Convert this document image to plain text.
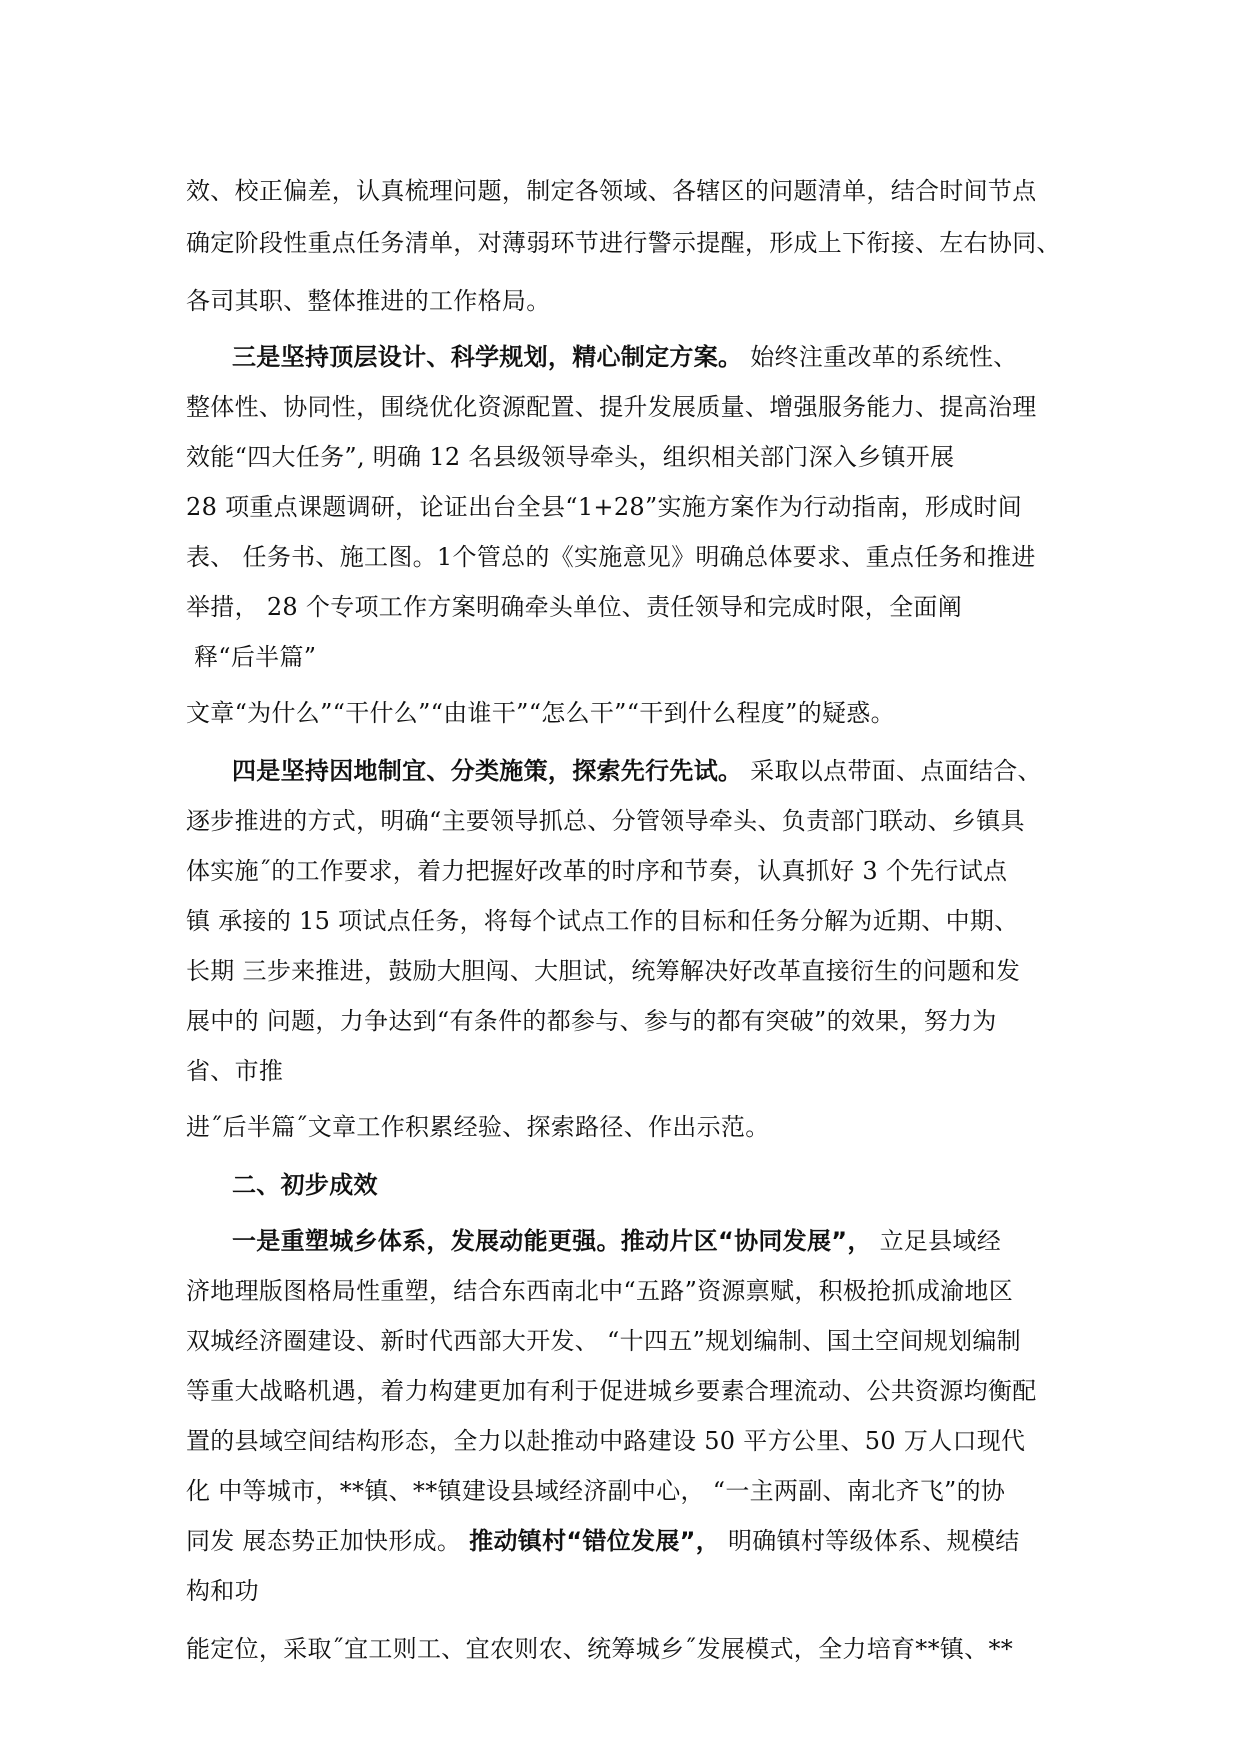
效、校正偏差，认真梳理问题，制定各领域、各辖区的问题清单，结合时间节点
确定阶段性重点任务清单，对薄弱环节进行警示提醒，形成上下衔接、左右协同、
各司其职、整体推进的工作格局。
三是坚持顶层设计、科学规划，精心制定方案。 始终注重改革的系统性、
整体性、协同性，围绕优化资源配置、提升发展质量、增强服务能力、提高治理
效能“四大任务”, 明确 12 名县级领导牵头，组织相关部门深入乡镇开展
28 项重点课题调研，论证出台全县“1+28”实施方案作为行动指南，形成时间
表、 任务书、施工图。1个管总的《实施意见》明确总体要求、重点任务和推进
举措， 28 个专项工作方案明确牵头单位、责任领导和完成时限，全面阐
释“后半篇”
文章“为什么”“干什么”“由谁干”“怎么干”“干到什么程度”的疑惑。
四是坚持因地制宜、分类施策，探索先行先试。 采取以点带面、点面结合、
逐步推进的方式，明确“主要领导抓总、分管领导牵头、负责部门联动、乡镇具
体实施˝的工作要求，着力把握好改革的时序和节奏，认真抓好 3 个先行试点
镇 承接的 15 项试点任务，将每个试点工作的目标和任务分解为近期、中期、
长期 三步来推进，鼓励大胆闯、大胆试，统筹解决好改革直接衍生的问题和发
展中的 问题，力争达到“有条件的都参与、参与的都有突破”的效果，努力为
省、市推
进˝后半篇˝文章工作积累经验、探索路径、作出示范。
二、初步成效
一是重塑城乡体系，发展动能更强。推动片区“协同发展”， 立足县域经
济地理版图格局性重塑，结合东西南北中“五路”资源禀赋，积极抢抓成渝地区
双城经济圈建设、新时代西部大开发、 “十四五”规划编制、国土空间规划编制
等重大战略机遇，着力构建更加有利于促进城乡要素合理流动、公共资源均衡配
置的县域空间结构形态，全力以赴推动中路建设 50 平方公里、50 万人口现代
化 中等城市，**镇、**镇建设县域经济副中心， “一主两副、南北齐飞”的协
同发 展态势正加快形成。 推动镇村“错位发展”， 明确镇村等级体系、规模结
构和功
能定位，采取˝宜工则工、宜农则农、统筹城乡˝发展模式，全力培育**镇、**
